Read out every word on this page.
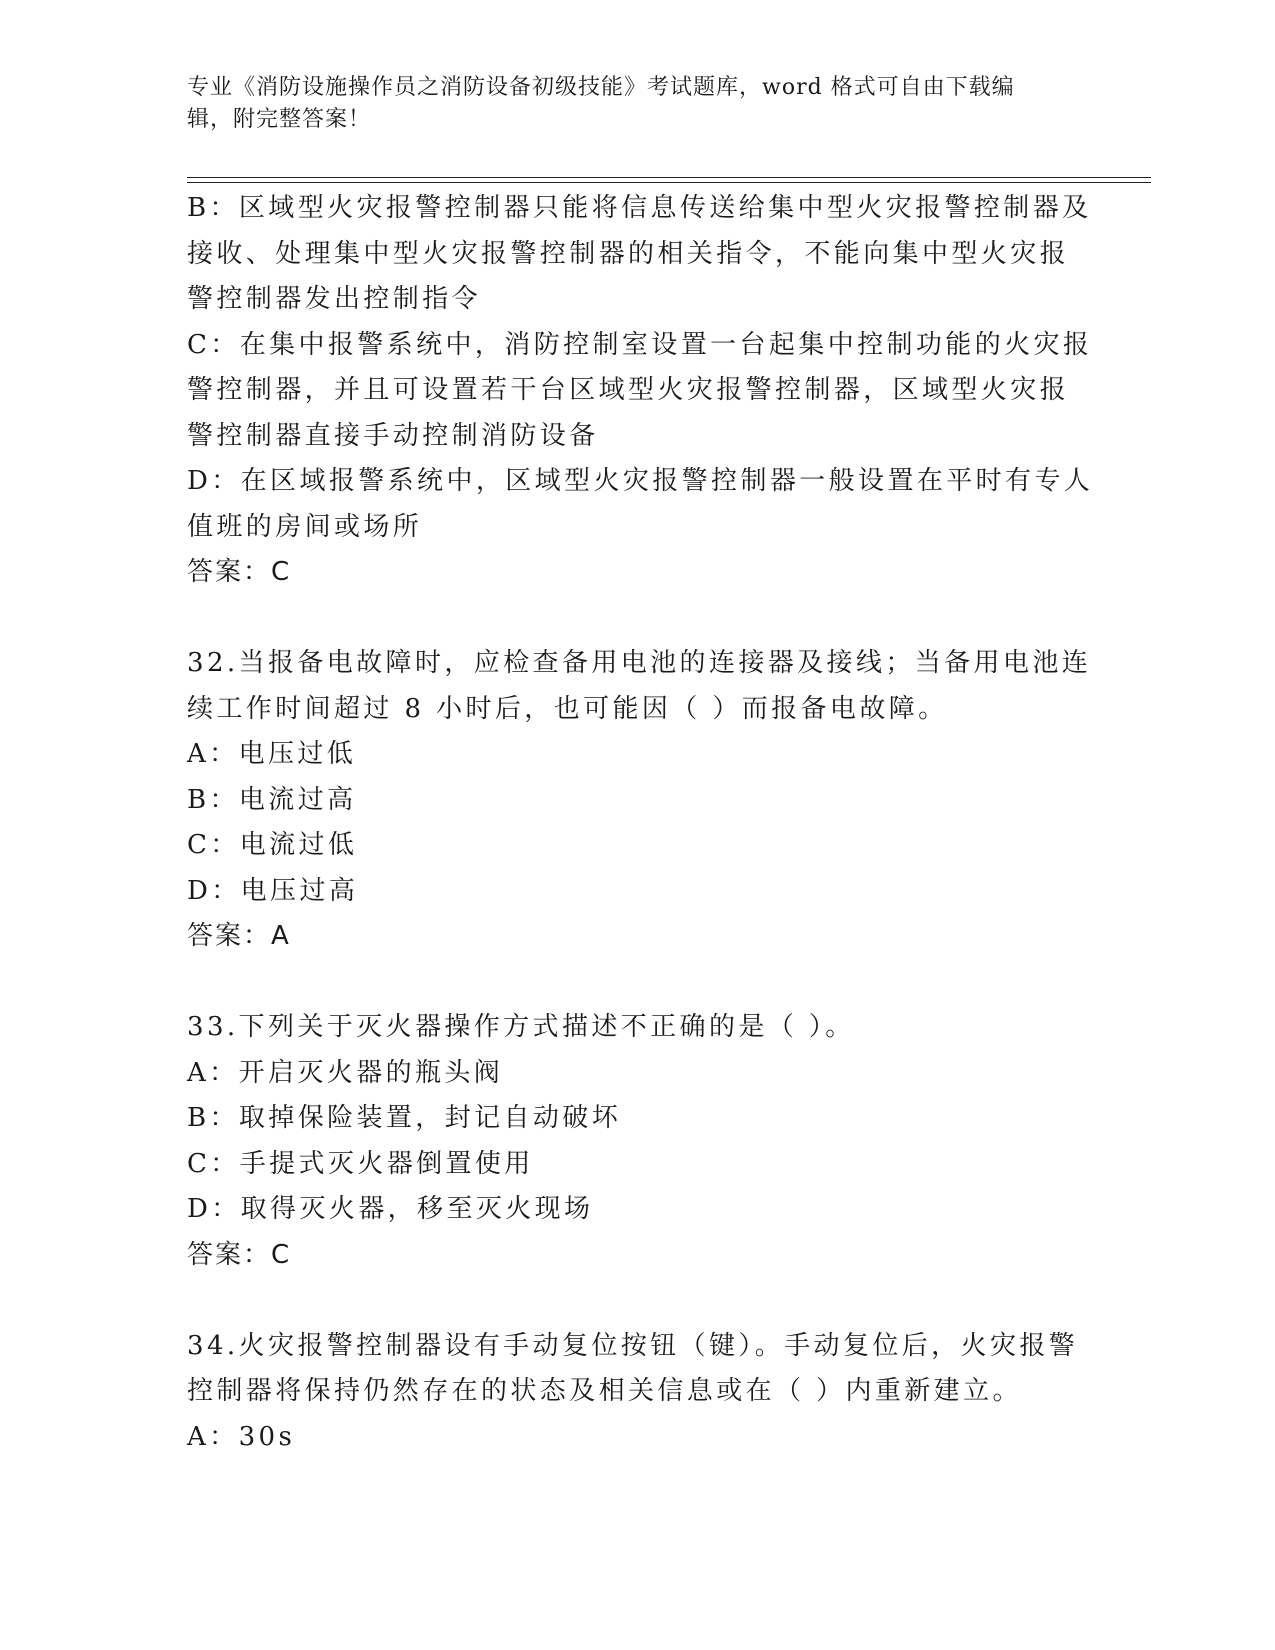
专业《消防设施操作员之消防设备初级技能》考试题库，word 格式可自由下载编
辑，附完整答案！
B：区域型火灾报警控制器只能将信息传送给集中型火灾报警控制器及
接收、处理集中型火灾报警控制器的相关指令，不能向集中型火灾报
警控制器发出控制指令
C：在集中报警系统中，消防控制室设置一台起集中控制功能的火灾报
警控制器，并且可设置若干台区域型火灾报警控制器，区域型火灾报
警控制器直接手动控制消防设备
D：在区域报警系统中，区域型火灾报警控制器一般设置在平时有专人
值班的房间或场所
答案：C
32.当报备电故障时，应检查备用电池的连接器及接线；当备用电池连
续工作时间超过 8 小时后，也可能因（ ）而报备电故障。
A：电压过低
B：电流过高
C：电流过低
D：电压过高
答案：A
33.下列关于灭火器操作方式描述不正确的是（ ）。
A：开启灭火器的瓶头阀
B：取掉保险装置，封记自动破坏
C：手提式灭火器倒置使用
D：取得灭火器，移至灭火现场
答案：C
34.火灾报警控制器设有手动复位按钮（键）。手动复位后，火灾报警
控制器将保持仍然存在的状态及相关信息或在（ ）内重新建立。
A：30s
